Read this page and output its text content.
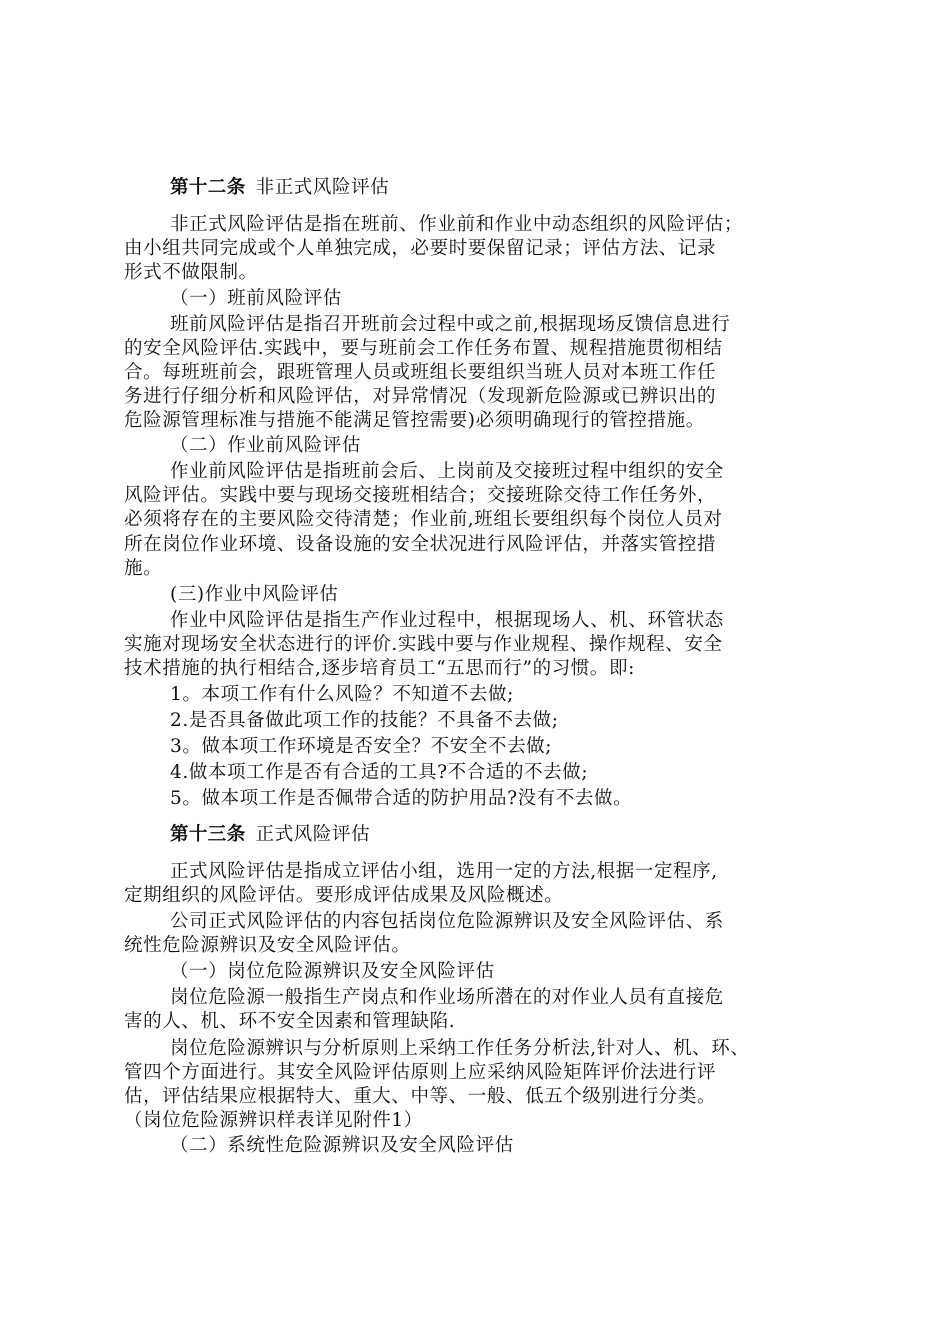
第十二条 非正式风险评估
非正式风险评估是指在班前、作业前和作业中动态组织的风险评估；
由小组共同完成或个人单独完成，必要时要保留记录；评估方法、记录
形式不做限制。
（一）班前风险评估
班前风险评估是指召开班前会过程中或之前,根据现场反馈信息进行
的安全风险评估.实践中，要与班前会工作任务布置、规程措施贯彻相结
合。每班班前会，跟班管理人员或班组长要组织当班人员对本班工作任
务进行仔细分析和风险评估，对异常情况（发现新危险源或已辨识出的
危险源管理标准与措施不能满足管控需要)必须明确现行的管控措施。
（二）作业前风险评估
作业前风险评估是指班前会后、上岗前及交接班过程中组织的安全
风险评估。实践中要与现场交接班相结合；交接班除交待工作任务外，
必须将存在的主要风险交待清楚；作业前,班组长要组织每个岗位人员对
所在岗位作业环境、设备设施的安全状况进行风险评估，并落实管控措
施。
(三)作业中风险评估
作业中风险评估是指生产作业过程中，根据现场人、机、环管状态
实施对现场安全状态进行的评价.实践中要与作业规程、操作规程、安全
技术措施的执行相结合,逐步培育员工“五思而行”的习惯。即:
1。本项工作有什么风险？不知道不去做;
2.是否具备做此项工作的技能？不具备不去做;
3。做本项工作环境是否安全？不安全不去做;
4.做本项工作是否有合适的工具?不合适的不去做;
5。做本项工作是否佩带合适的防护用品?没有不去做。
第十三条 正式风险评估
正式风险评估是指成立评估小组，选用一定的方法,根据一定程序,
定期组织的风险评估。要形成评估成果及风险概述。
公司正式风险评估的内容包括岗位危险源辨识及安全风险评估、系
统性危险源辨识及安全风险评估。
（一）岗位危险源辨识及安全风险评估
岗位危险源一般指生产岗点和作业场所潜在的对作业人员有直接危
害的人、机、环不安全因素和管理缺陷.
岗位危险源辨识与分析原则上采纳工作任务分析法,针对人、机、环、
管四个方面进行。其安全风险评估原则上应采纳风险矩阵评价法进行评
估，评估结果应根据特大、重大、中等、一般、低五个级别进行分类。
（岗位危险源辨识样表详见附件1）
（二）系统性危险源辨识及安全风险评估
